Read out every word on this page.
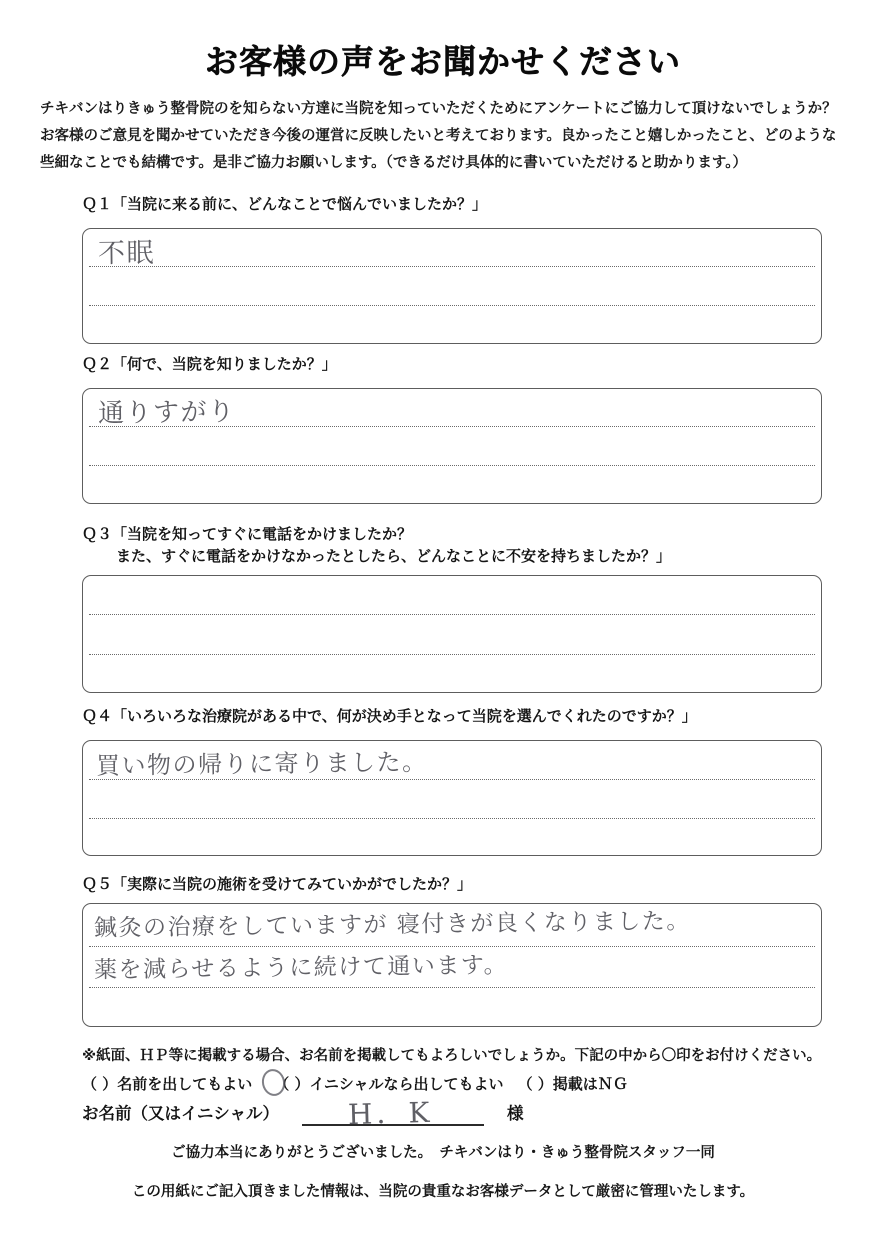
お客様の声をお聞かせください
チキバンはりきゅう整骨院のを知らない方達に当院を知っていただくためにアンケートにご協力して頂けないでしょうか？
お客様のご意見を聞かせていただき今後の運営に反映したいと考えております。良かったこと嬉しかったこと、どのような
些細なことでも結構です。是非ご協力お願いします。（できるだけ具体的に書いていただけると助かります。）
Ｑ１「当院に来る前に、どんなことで悩んでいましたか？」
不眠
Ｑ２「何で、当院を知りましたか？」
通りすがり
Ｑ３「当院を知ってすぐに電話をかけましたか？
また、すぐに電話をかけなかったとしたら、どんなことに不安を持ちましたか？」
Ｑ４「いろいろな治療院がある中で、何が決め手となって当院を選んでくれたのですか？」
買い物の帰りに寄りました。
Ｑ５「実際に当院の施術を受けてみていかがでしたか？」
鍼灸の治療をしていますが 寝付きが良くなりました。
薬を減らせるように続けて通います。
※紙面、ＨＰ等に掲載する場合、お名前を掲載してもよろしいでしょうか。下記の中から〇印をお付けください。
（ ）名前を出してもよい （ ）イニシャルなら出してもよい （ ）掲載はＮＧ
お名前（又はイニシャル）	様
H．K
ご協力本当にありがとうございました。　チキバンはり・きゅう整骨院スタッフ一同
この用紙にご記入頂きました情報は、当院の貴重なお客様データとして厳密に管理いたします。
